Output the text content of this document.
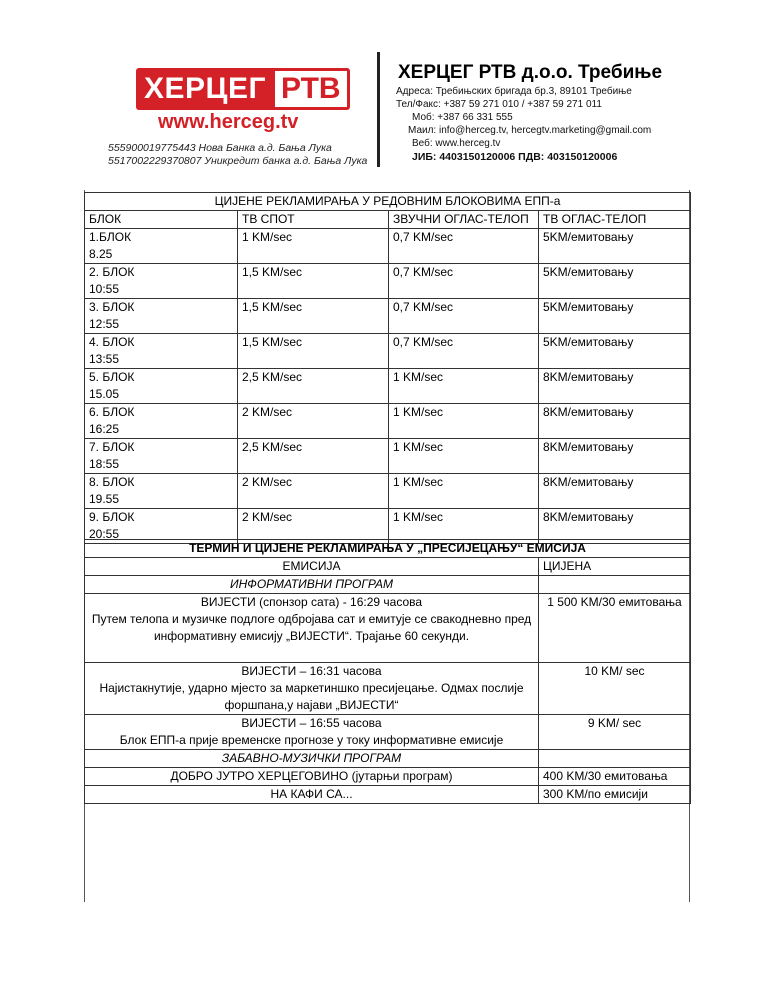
ХЕРЦЕГ РТВ
www.herceg.tv
555900019775443 Нова Банка а.д. Бања Лука
5517002229370807 Уникредит банка а.д. Бања Лука
ХЕРЦЕГ РТВ д.о.о. Требиње
Адреса: Требињских бригада бр.3, 89101 Требиње
Тел/Факс: +387 59 271 010 / +387 59 271 011
Моб: +387 66 331 555
Маил: info@herceg.tv, hercegtv.marketing@gmail.com
Веб: www.herceg.tv
ЈИБ: 4403150120006 ПДВ: 403150120006
ЦИЈЕНЕ РЕКЛАМИРАЊА У РЕДОВНИМ БЛОКОВИМА ЕПП-а			
БЛОК	ТВ СПОТ	ЗВУЧНИ ОГЛАС-ТЕЛОП	ТВ ОГЛАС-ТЕЛОП

1.БЛОК
8.25	1 KM/sec	0,7 KM/sec	5KM/емитовању

2. БЛОК
10:55	1,5 KM/sec	0,7 KM/sec	5KM/емитовању

3. БЛОК
12:55	1,5 KM/sec	0,7 KM/sec	5KM/емитовању

4. БЛОК
13:55	1,5 KM/sec	0,7 KM/sec	5KM/емитовању

5. БЛОК
15.05	2,5 KM/sec	1 KM/sec	8KM/емитовању

6. БЛОК
16:25	2 KM/sec	1 KM/sec	8KM/емитовању

7. БЛОК
18:55	2,5 KM/sec	1 KM/sec	8KM/емитовању

8. БЛОК
19.55	2 KM/sec	1 KM/sec	8KM/емитовању

9. БЛОК
20:55	2 KM/sec	1 KM/sec	8KM/емитовању
ТЕРМИН И ЦИЈЕНЕ РЕКЛАМИРАЊА У „ПРЕСИЈЕЦАЊУ“ ЕМИСИЈА	
ЕМИСИЈА	ЦИЈЕНА
ИНФОРМАТИВНИ ПРОГРАМ	

ВИЈЕСТИ (спонзор сата) - 16:29 часова
Путем телопа и музичке подлоге одбројава сат и емитује се свакодневно пред информативну емисију „ВИЈЕСТИ“. Трајање 60 секунди.	1 500 KM/30 емитовања

ВИЈЕСТИ – 16:31 часова
Најистакнутије, ударно мјесто за маркетиншко пресијецање. Одмах послије форшпана,у најави „ВИЈЕСТИ“	10 KM/ sec

ВИЈЕСТИ – 16:55 часова
Блок ЕПП-а прије временске прогнозе у току информативне емисије	9 KM/ sec
ЗАБАВНО-МУЗИЧКИ ПРОГРАМ	
ДОБРО ЈУТРО ХЕРЦЕГОВИНО (јутарњи програм)	400 KM/30 емитовања
НА КАФИ СА...	300 KM/по емисији
